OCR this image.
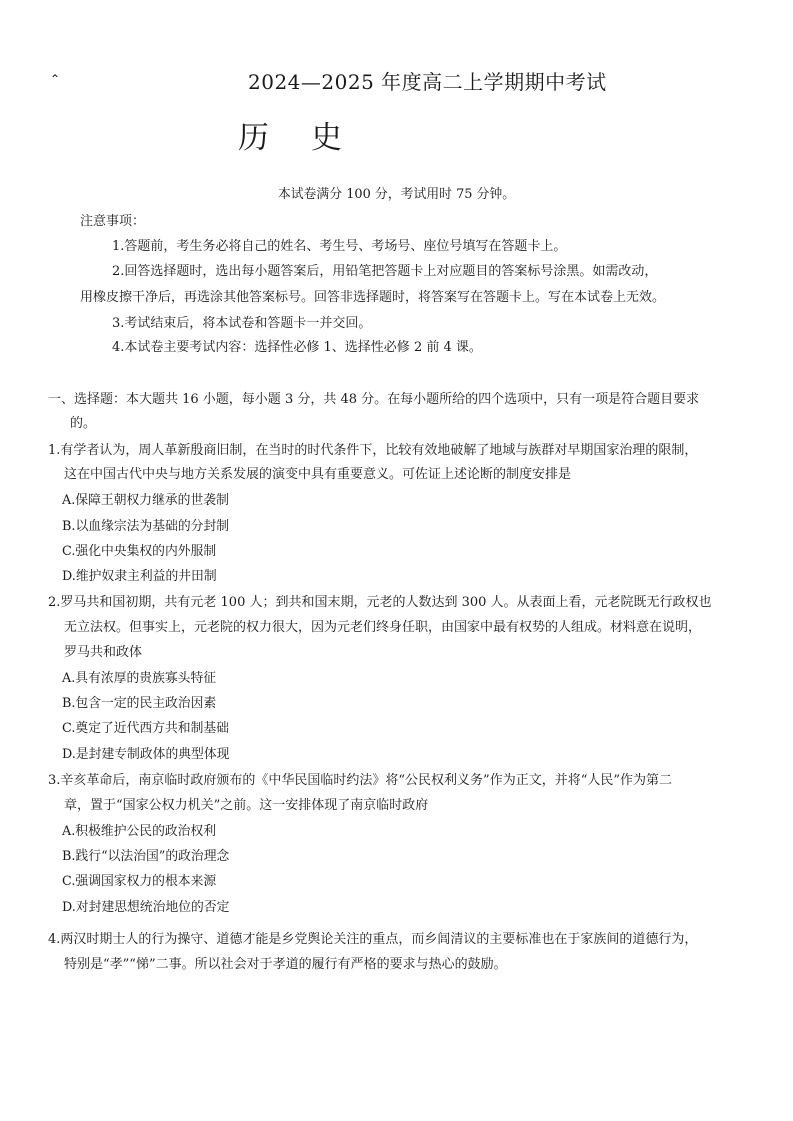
⌃	2024—2025 年度高二上学期期中考试
历史
本试卷满分 100 分，考试用时 75 分钟。
注意事项：
1.答题前，考生务必将自己的姓名、考生号、考场号、座位号填写在答题卡上。
2.回答选择题时，选出每小题答案后，用铅笔把答题卡上对应题目的答案标号涂黑。如需改动，
用橡皮擦干净后，再选涂其他答案标号。回答非选择题时，将答案写在答题卡上。写在本试卷上无效。
3.考试结束后，将本试卷和答题卡一并交回。
4.本试卷主要考试内容：选择性必修 1、选择性必修 2 前 4 课。
一、选择题：本大题共 16 小题，每小题 3 分，共 48 分。在每小题所给的四个选项中，只有一项是符合题目要求
的。
1.有学者认为，周人革新殷商旧制，在当时的时代条件下，比较有效地破解了地域与族群对早期国家治理的限制，
这在中国古代中央与地方关系发展的演变中具有重要意义。可佐证上述论断的制度安排是
A.保障王朝权力继承的世袭制
B.以血缘宗法为基础的分封制
C.强化中央集权的内外服制
D.维护奴隶主利益的井田制
2.罗马共和国初期，共有元老 100 人；到共和国末期，元老的人数达到 300 人。从表面上看，元老院既无行政权也
无立法权。但事实上，元老院的权力很大，因为元老们终身任职，由国家中最有权势的人组成。材料意在说明，
罗马共和政体
A.具有浓厚的贵族寡头特征
B.包含一定的民主政治因素
C.奠定了近代西方共和制基础
D.是封建专制政体的典型体现
3.辛亥革命后，南京临时政府颁布的《中华民国临时约法》将“公民权利义务”作为正文，并将“人民”作为第二
章，置于“国家公权力机关”之前。这一安排体现了南京临时政府
A.积极维护公民的政治权利
B.践行“以法治国”的政治理念
C.强调国家权力的根本来源
D.对封建思想统治地位的否定
4.两汉时期士人的行为操守、道德才能是乡党舆论关注的重点，而乡闾清议的主要标准也在于家族间的道德行为，
特别是“孝”“悌”二事。所以社会对于孝道的履行有严格的要求与热心的鼓励。
